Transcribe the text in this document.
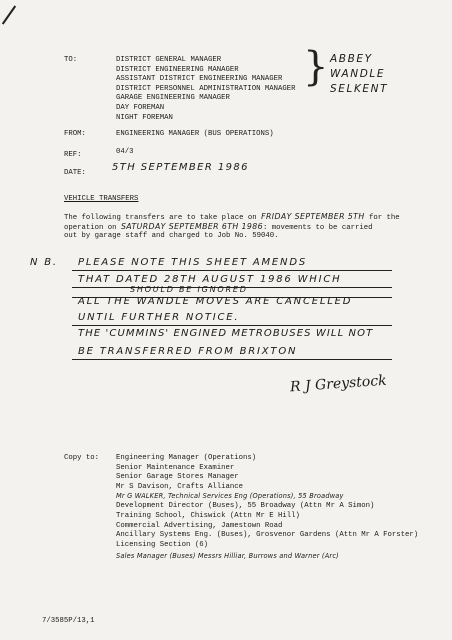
TO:	DISTRICT GENERAL MANAGER
DISTRICT ENGINEERING MANAGER
ASSISTANT DISTRICT ENGINEERING MANAGER
DISTRICT PERSONNEL ADMINISTRATION MANAGER
GARAGE ENGINEERING MANAGER
DAY FOREMAN
NIGHT FOREMAN
} ABBEY
WANDLE
SELKENT
FROM:	ENGINEERING MANAGER (BUS OPERATIONS)
REF:	04/3
DATE:	5TH SEPTEMBER 1986
VEHICLE TRANSFERS
The following transfers are to take place on FRIDAY SEPTEMBER 5TH for the
operation on SATURDAY SEPTEMBER 6TH 1986: movements to be carried
out by garage staff and charged to Job No. 59040.
N B. PLEASE NOTE THIS SHEET AMENDS
THAT DATED 28TH AUGUST 1986 WHICH
SHOULD BE IGNORED
ALL THE WANDLE MOVES ARE CANCELLED
UNTIL FURTHER NOTICE.
THE 'CUMMINS' ENGINED METROBUSES WILL NOT
BE TRANSFERRED FROM BRIXTON
R J Greystock
Copy to: Engineering Manager (Operations)
Senior Maintenance Examiner
Senior Garage Stores Manager
Mr S Davison, Crafts Alliance
Mr G WALKER, Technical Services Eng (Operations), 55 Broadway
Development Director (Buses), 55 Broadway (Attn Mr A Simon)
Training School, Chiswick (Attn Mr E Hill)
Commercial Advertising, Jamestown Road
Ancillary Systems Eng. (Buses), Grosvenor Gardens (Attn Mr A Forster)
Licensing Section (6)
Sales Manager (Buses) Messrs Hilliar, Burrows and Warner (Arc)
7/3585P/13,1
